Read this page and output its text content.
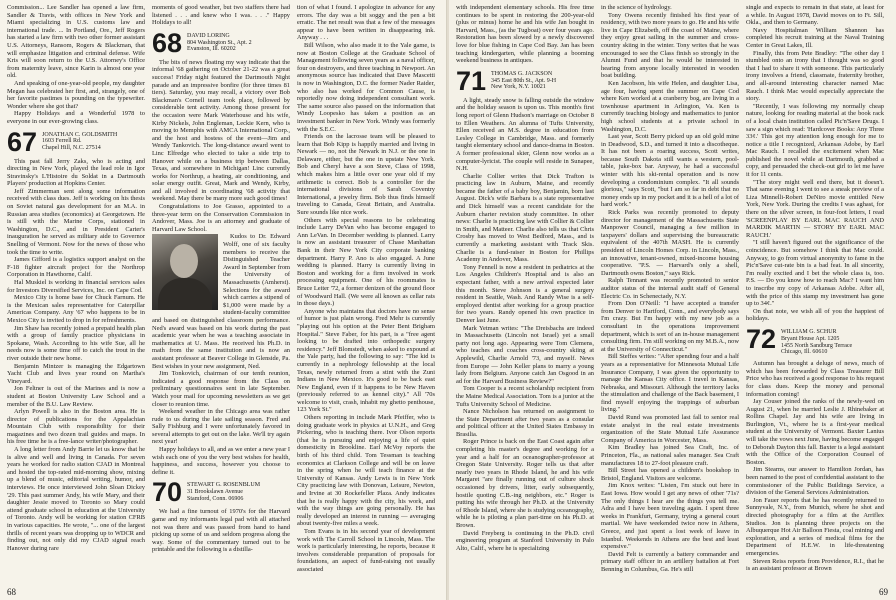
Commission... Lee Sandler has opened a law firm, Sandler & Travis, with offices in New York and Miami specializing in U.S. customs law and international trade. ... In Portland, Ore., Jeff Rogers has started a law firm with two other former assistant U.S. Attorneys, Ransom, Rogers & Blackman, that will emphasize litigation and criminal defense. Wife Kris will soon return to the U.S. Attorney's Office from maternity leave, since Karin is almost one year old.

And speaking of one-year-old people, my daughter Megan has celebrated her first, and, strangely, one of her favorite pastimes is pounding on the typewriter. Wonder where she got that?

Happy Holidays and a Wonderful 1978 to everyone in our ever-growing class.

67 JONATHAN C. GOLDSMITH
1603 Ferrell Rd.
Chapel Hill, N.C. 27514

This past fall Jerry Zaks, who is acting and directing in New York, played the lead role in Igor Stravinsky's L'Histoire du Soldat in a Dartmouth Players' production at Hopkins Center.

Jeff Zimmerman sent along some information received with class dues. Jeff is working on his thesis on Soviet natural gas development for an M.A. in Russian area studies (economics) at Georgetown. He is still with the Marine Corps, stationed in Washington, D.C., and in President Carter's inauguration he served as military aide to Governor Snelling of Vermont. Now for the news of those who took the time to write.

James Gifford is a logistics support analyst on the F-18 fighter aircraft project for the Northrop Corporation in Hawthorne, Calif.

Hal Muskiel is working in financial services sales for Investors Diversified Services, Inc. on Cape Cod.

Mexico City is home base for Chuck Farnum. He is the Mexican sales representative for Caterpillar Americas Company. Any '67 who happens to be in Mexico City is invited to drop in for refreshments.

Jim Shaw has recently joined a prepaid health plan with a group of family practice physicians in Spokane, Wash. According to his wife Sue, all he needs now is some time off to catch the trout in the river outside their new home.

Benjamin Mintzer is managing the Edgartown Yacht Club and lives year round on Martha's Vineyard.

Jon Feltner is out of the Marines and is now a student at Boston University Law School and a member of the B.U. Law Review.

Arlyn Powell is also in the Boston area. He is director of publications for the Appalachian Mountain Club with responsibility for their magazines and two dozen trail guides and maps. In his free time he is a free-lance writer/photographer.

A long letter from Andy Barrie let us know that he is alive and well and living in Canada. For seven years he worked for radio station CJAD in Montreal and hosted the top-rated mid-morning show, mixing up a blend of music, editorial writing, humor, and interviews. He once interviewed John Sloan Dickey '29. This past summer Andy, his wife Mary, and their daughter Jessie moved to Toronto so Mary could attend graduate school in education at the University of Toronto. Andy will be working for station CFRB in various capacities. He wrote, "... one of the largest thrills of recent years was dropping up to WDCR and finding out, not only did my CJAD signal reach Hanover during rare

moments of good weather, but two staffers there had listened . . . and knew who I was. . . ." Happy Holidays to all!

68 DAVID LORING
804 Washington St., Apt. 2
Evanston, Ill. 60202

The bits of news floating my way indicate that the informal '68 gathering on October 21-22 was a great success! Friday night featured the Dartmouth Night parade and an impressive bonfire (for three times 81 tiers). Saturday, you may recall, a victory over Bob Blackman's Cornell team took place, followed by considerable tent activity. Among those present for the occasion were Mark Waterhouse and his wife, Kirby Nickels, John Engleman, Leckie Kern, who is moving to Memphis with AMCA International Corp., and the host and hostess of the event—Jim and Wendy Tankovich. The long-distance award went to Linc Elfredge who elected to take a side trip to Hanover while on a business trip between Dallas, Texas, and somewhere in Michigan! Linc currently works for Northrup, a heating, air conditioning, and solar energy outfit. Great, Mark and Wendy, Kirby, and all involved in coordinating '68 activity that weekend. May there be many more such good times!

Congratulations to Joe Grasso, appointed to a three-year term on the Conservation Commission in Andover, Mass. Joe is an attorney and graduate of Harvard Law School.

Kudos to Dr. Edward Wolff, one of six faculty members to receive the Distinguished Teacher Award in September from the University of Massachusetts (Amherst). Selections for the award which carries a stipend of $1,000 were made by a student-faculty committee and based on distinguished classroom performance. Ned's award was based on his work during the past academic year when he was a teaching associate in mathematics at U. Mass. He received his Ph.D. in math from the same institution and is now an assistant professor at Beaver College in Glenside, Pa. Best wishes in your new assignment, Ned.

Jim Tonkovich, chairman of our tenth reunion, indicated a good response from the Class on preliminary questionnaires sent in late September. Watch your mail for upcoming newsletters as we get closer to reunion time.

Weekend weather in the Chicago area was rather rude to us during the late sailing season. Fred and Sally Fishburg and I were unfortunately favored in several attempts to get out on the lake. We'll try again next year!

Happy holidays to all, and as we enter a new year I wish each one of you the very best wishes for health, happiness, and success, however you choose to define it.

70 STEWART G. ROSENBLUM
31 Brookslawn Avenue
Stamford, Conn. 06906

We had a fine turnout of 1970's for the Harvard game and my informants legal pad with all attached not was there and was passed from hand to hand picking up some of us and seldom progress along the way. Some of the commentary turned out to be printable and the following is a distilla-

tion of what I found. I apologize in advance for any errors. The day was a bit soggy and the pen a bit erratic. The net result was that a few of the messages appear to have been written in disappearing ink. Anyway . . .

Bill Wilson, who also made it to the Yale game, is now at Boston College at the Graduate School of Management following seven years as a naval officer, four on destroyers, and three teaching in Newport. An anonymous source has indicated that Dave Mascetti is now in Washington, D.C. the former Nader Raider, who also has worked for Common Cause, is reportedly now doing independent consultant work. The same source also passed on the information that Windy Loopesko has taken a position as an investment banker in New York. Windy was formerly with the S.E.C.

Friends on the lacrosse team will be pleased to learn that Bob Kipp is happily married and living in Newark — no, not the Newark in N.J. or the one in Delaware, either, but the one in upstate New York. Bob and Cheryl have a son Steve, Class of 1998, which makes him a little over one year old if my arithmetic is correct. Bob is a controller for the international divisions of Sarah Coventry International, a jewelry firm. Bob thus finds himself traveling to Canada, Great Britain, and Australia. Sure sounds like nice work.

Others with special reasons to be celebrating include Larry DeVan who has become engaged to Ann LeVan. In December wedding is planned. Larry is now an assistant treasurer of Chase Manhattan Bank in their New York City corporate banking department. Harry P. Ano is also engaged. A June wedding is planned. Harry is currently living in Boston and working for a firm involved in work processing equipment. One of his roommates is Bruce Leiter '72, a former denizen of the ground floor of Woodward Hall. (We were all known as cellar rats in those days.)

Anyone who maintains that doctors have no sense of humor is just plain wrong. Fred Mehr is currently "playing out his option at the Peter Bent Brigham Hospital." Steve Faber, for his part, is a "free agent looking to be drafted into orthopedic surgery residency." Jeff Blomstedt, when asked to expound at the Yale party, had the following to say: "The kid is currently in a nephrology fellowship at the local Texas, newly returned from a stint with the Zuni Indians in New Mexico. It's good to be back east New England, even if it happens to be New Haven (previously referred to as kennel city)." All '70s welcome to visit, crash, inhabit my ghetto penthouse, 123 York St."

Others reporting in include Mark Pfeiffer, who is doing graduate work in physics at U.N.H., and Greg Pickering, who is teaching there. Ivor Olson reports (that he is pursuing and enjoying a life of quiet domesticity in Brookline. Earl McVoy reports the birth of his third child. Tom Tessman is teaching economics at Clarkson College and will be on leave in the spring when he will teach finance at the University of Kansas. Andy Lewis is in New York City practicing law with Donovan, Leisure, Newton, and Irvine at 30 Rockefeller Plaza. Andy indicates that he is really happy with the city, his work, and with the way things are going personally. He has really developed an interest in running — averaging about twenty-five miles a week.

Tom Evans is in his second year of development work with The Carroll School in Lincoln, Mass. The work is particularly interesting, he reports, because it involves considerable preparation of proposals for foundations, an aspect of fund-raising not usually associated

68

with independent elementary schools. His free time continues to be spent in restoring the 200-year-old (plus or minus) home he and his wife Jan bought in Harvard, Mass., (as the Tugboat) over four years ago. Restoration has been slowed by a newly discovered love for blue fishing in Cape Cod Bay. Jan has been teaching kindergarten, while planning a booming weekend business in antiques.

71 THOMAS G. JACKSON
345 East 80th St., Apt. 9-H
New York, N.Y. 10021

A light, steady snow is falling outside the window and the holiday season is upon us. This month's first long report of Glenn Hudson's marriage on October 8 to Ellen Weathers. An alumna of Tufts University, Ellen received an M.S. degree in education from Lesley College in Cambridge, Mass. and formerly taught elementary school and dance-drama in Boston. A former professional skier, Glenn now works as a computer-lyricist. The couple will reside in Sunapee, N.H.

Charlie Collier writes that Dick Trafton is practicing law in Auburn, Maine, and recently became the father of a baby boy, Benjamin, born last August. Dick's wife Barbara is a state representative and Dick himself was a recent candidate for the Auburn charter revision study committee. In other news: Charlie is practicing law with Collier & Collier in Smith, and Matteer. Charlie also tells us that Chris Crosby has moved to West Bedford, Mass., and is currently a marketing assistant with Track Skis. Charlie is a fund-raiser in Boston for Phillips Academy in Andover, Mass.

Tony Fennell is now a resident in pediatrics at the Los Angeles Children's Hospital and is also an expectant father, with a new arrival expected later this month. Steve Johnson is a general surgery resident in Seattle, Wash. And Randy Wise is a self-employed dentist after working for a group practice for two years. Randy opened his own practice in Denver last June.

Mark Yetman writes: "The Dreisbachs are indeed in Massachusetts (Lincoln not Israel) yet a small party not long ago. Appearing were Tom Clemens, who teaches and coaches cross-country skiing at Applewild, Charlie Arnold '73, and myself. News from Europe — John Keller plans to marry a young lady from Belgium. Anyone catch Jan Osgood in an ad for the Harvard Business Review?"

Tom Cooper is a recent scholarship recipient from the Maine Medical Association. Tom is a junior at the Tufts University School of Medicine.

Nance Nicholson has returned on assignment to the State Department after two years as a consular and political officer at the United States Embassy in Brasilia.

Roger Prince is back on the East Coast again after completing his master's degree and working for a year and a half for an oceanographer-professor at Oregon State University. Roger tells us that after nearly two years in Rhode Island, he and his wife Margaret "are finally running out of culture shock occasioned by drivers, litter, early subsequently, hostile quoting C.B.-ing neighbors, etc." Roger is putting his wife through her Ph.D. at the University of Rhode Island, where she is studying oceanography, while he is piloting a plan part-time on his Ph.D. at Brown.

David Freyberg is continuing in the Ph.D. civil engineering program at Stanford University in Palo Alto, Calif., where he is specializing

in the science of hydrology.

Tony Owens recently finished his first year of residency, with two more years to go. He and his wife live in Cape Elizabeth, off the coast of Maine, where they enjoy great sailing in the summer and cross-country skiing in the winter. Tony writes that he was encouraged to see the Class finish so strongly in the Alumni Fund and that he would be interested in hearing from anyone locally interested in wooden boat building.

Ken Jacobson, his wife Helen, and daughter Lisa, age four, having spent the summer on Cape Cod where Ken worked at a cranberry bog, are living in a townhouse apartment in Arlington, Va. Ken is currently teaching biology and mathematics to junior high school students at a private school in Washington, D.C.

Last year, Scott Berry picked up an old gold mine in Deadwood, S.D., and turned it into a discotheque. It has not been a roaring success, Scott writes, because South Dakota still wants a western, pool-table, juke-box bar. Anyway, he had a successful winter with his ski-rental operation and is now developing a condominium complex. "It all sounds glorious," says Scott, "but I am so far in debt that no money ends up in my pocket and it is a hell of a lot of hard work."

Rick Parks was recently promoted to deputy director for management of the Massachusetts State Manpower Council, managing a few million in taxpayers' dollars and supervising the bureaucratic equivalent of the 407th MASH. He is currently president of Lincoln Homes Corp. in Lincoln, Mass., an innovative, tenant-owned, mixed-income housing cooperative. "P.S. — Harvard's only a shell, Dartmouth owns Boston," says Rick.

Ralph Tennant was recently promoted to senior auditor status of the internal audit staff of General Electric Co. in Schenectady, N.Y.

From Don O'Neill: "I have accepted a transfer from Denver to Hartford, Conn., and everybody says I'm crazy. But I'm happy with my new job as a consultant in the operations improvement department, which is sort of an in-house management consulting firm. I'm still working on my M.B.A., now at the University of Connecticut."

Bill Steffes writes: "After spending four and a half years as a representative for Minnesota Mutual Life Insurance Company, I was given the opportunity to manage the Kansas City office. I travel in Kansas, Nebraska, and Missouri. Although the territory lacks the stimulation and challenge of the Back basement, I find myself enjoying the trappings of suburban living."

David Rund was promoted last fall to senior real estate analyst in the real estate investments organization of the State Mutual Life Assurance Company of America in Worcester, Mass.

Kim Bradley has joined Sea Craft, Inc. of Princeton, Fla., as national sales manager. Sea Craft manufactures 18 to 27-foot pleasure craft.

Bill Street has opened a children's bookshop in Bristol, England. Visitors are welcome.

Jim Knox writes: "Listen, I'm stuck out here in East Iowa. How would I get any news of other '71s? The only things I hear are the things you tell me. Adra and I have been traveling again. I spent three weeks in Frankfurt, Germany, trying a general court martial. We have weekended twice now in Athens, Greece, and just spent a lost week of leave in Istanbul. Weekends in Athens are the best and least expensive."

David Felt is currently a battery commander and primary staff officer in an artillery battalion at Fort Benning in Columbus, Ga. He's still

single and expects to remain in that state, at least for a while. In August 1978, David moves on to Ft. Sill, Okla., and then to Germany.

Navy Hospitalman William Shannon has completed his recruit training at the Naval Training Center in Great Lakes, Ill.

Finally, this from Pete Bradley: "The other day I stumbled onto an irony that I thought was so good that I had to share it with someone. This particularly irony involves a friend, classmate, fraternity brother, and all-around interesting character named Mac Rauch. I think Mac would especially appreciate the story.

"Recently, I was following my normally cheap nature, looking for reading material at the book rack of a local chain institution called Pic'n'Save Drugs. I saw a sign which read: 'Hardcover Books: Any Three 33¢.' This got my attention long enough for me to notice a title I recognized, Arkansas Adobe, by Earl Mac Rauch. I recalled the excitement when Mac published the novel while at Dartmouth, grabbed a copy, and persuaded the check-out girl to let me have it for 11 cents.

"The story might well end there, but it doesn't. That same evening I went to see a sneak preview of a Liza Minnelli-Robert DeNiro movie entitled New York, New York. During the credits I was aghast, for there on the silver screen, in four-foot letters, I read 'SCREENPLAY BY EARL MAC RAUCH AND MARDIK MARTIN — STORY BY EARL MAC RAUCH.'

"I still haven't figured out the significance of the coincidence. But somehow I think that Mac could. Anyway, to go from virtual anonymity to fame in the Pic'n'Save cut-rate bin is a bad feat. In all sincerity, I'm really excited and I bet the whole class is, too. P.S. — Do you know how to reach Mac? I want him to inscribe my copy of Arkansas Adobe. After all, with the price of this stamp my investment has gone up to 34¢."

On that note, we wish all of you the happiest of holidays.

72 WILLIAM G. SCHUR
Bryant House Apt. 1205
1455 North Sandburg Terrace
Chicago, Ill. 60610

Autumn has brought a deluge of news, much of which has been forwarded by Class Treasurer Bill Price who has received a good response to his request for class dues. Keep the money and personal information coming!

Jay Couser joined the ranks of the newly-wed on August 21, when he married Leslie J. Rhinebaker at Rollins Chapel. Jay and his wife are living in Burlington, Vt., where he is a first-year medical student at the University of Vermont. Baxter Lanius will take the vows next June, having become engaged to Deborah Dayton this fall. Baxter is a legal assistant with the Office of the Corporation Counsel of Boston.

Jim Stearns, our answer to Hamilton Jordan, has been named to the post of confidential assistant to the commissioner of the Public Buildings Service, a division of the General Services Administration.

Jon Fauer reports that he has recently returned to Sunnyvale, N.Y., from Munich, where he shot and directed photography for a film at the Arriflex Studios. Jon is planning three projects on the Albuquerque Hot Air Balloon Fiesta, coal mining and exploration, and a series of medical films for the Department of H.E.W. in life-threatening emergencies.

Steven Reiss reports from Providence, R.I., that he is an assistant professor at Brown

69
